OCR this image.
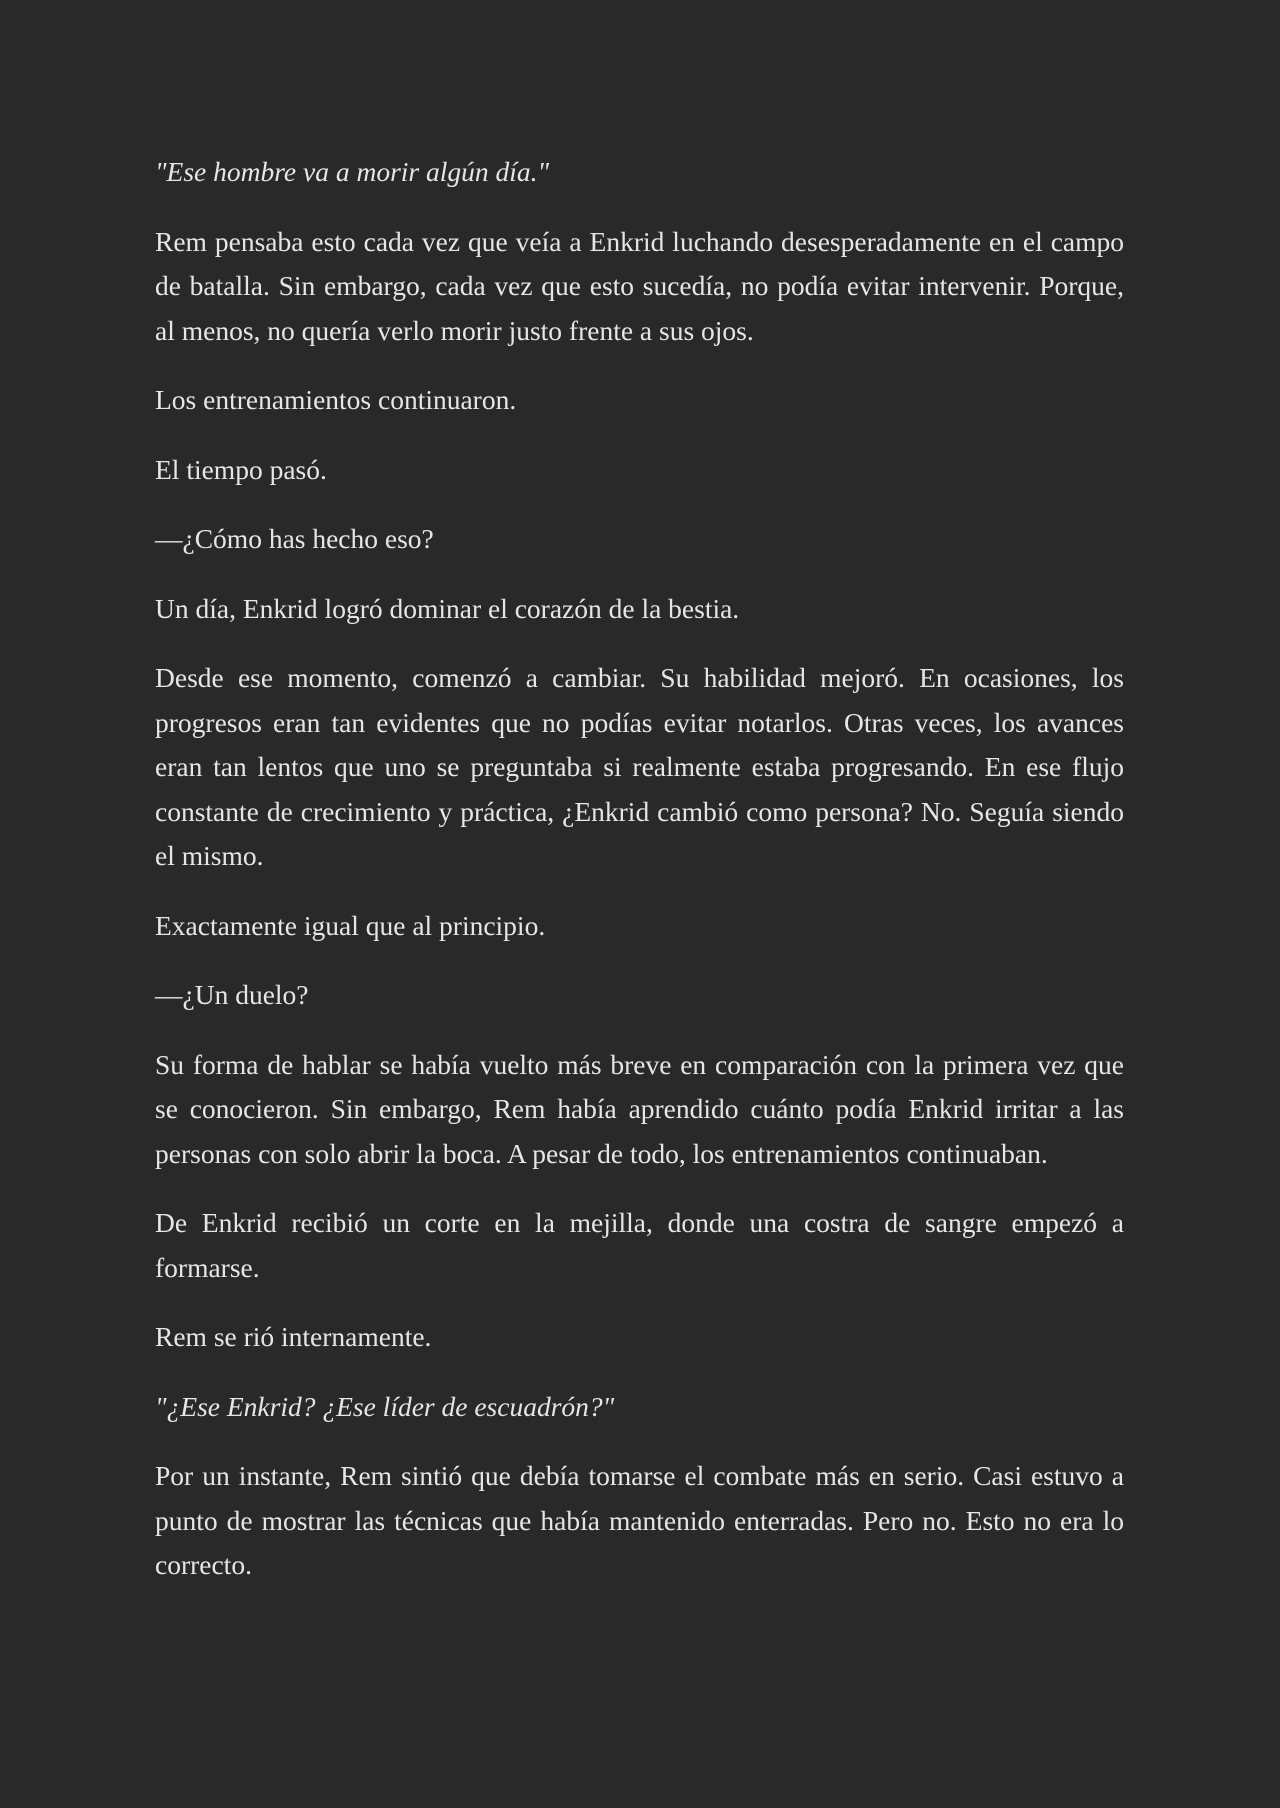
"Ese hombre va a morir algún día."

Rem pensaba esto cada vez que veía a Enkrid luchando desesperadamente en el campo de batalla. Sin embargo, cada vez que esto sucedía, no podía evitar intervenir. Porque, al menos, no quería verlo morir justo frente a sus ojos.

Los entrenamientos continuaron.

El tiempo pasó.

—¿Cómo has hecho eso?

Un día, Enkrid logró dominar el corazón de la bestia.

Desde ese momento, comenzó a cambiar. Su habilidad mejoró. En ocasiones, los progresos eran tan evidentes que no podías evitar notarlos. Otras veces, los avances eran tan lentos que uno se preguntaba si realmente estaba progresando. En ese flujo constante de crecimiento y práctica, ¿Enkrid cambió como persona? No. Seguía siendo el mismo.

Exactamente igual que al principio.

—¿Un duelo?

Su forma de hablar se había vuelto más breve en comparación con la primera vez que se conocieron. Sin embargo, Rem había aprendido cuánto podía Enkrid irritar a las personas con solo abrir la boca. A pesar de todo, los entrenamientos continuaban.

De Enkrid recibió un corte en la mejilla, donde una costra de sangre empezó a formarse.

Rem se rió internamente.

"¿Ese Enkrid? ¿Ese líder de escuadrón?"

Por un instante, Rem sintió que debía tomarse el combate más en serio. Casi estuvo a punto de mostrar las técnicas que había mantenido enterradas. Pero no. Esto no era lo correcto.
